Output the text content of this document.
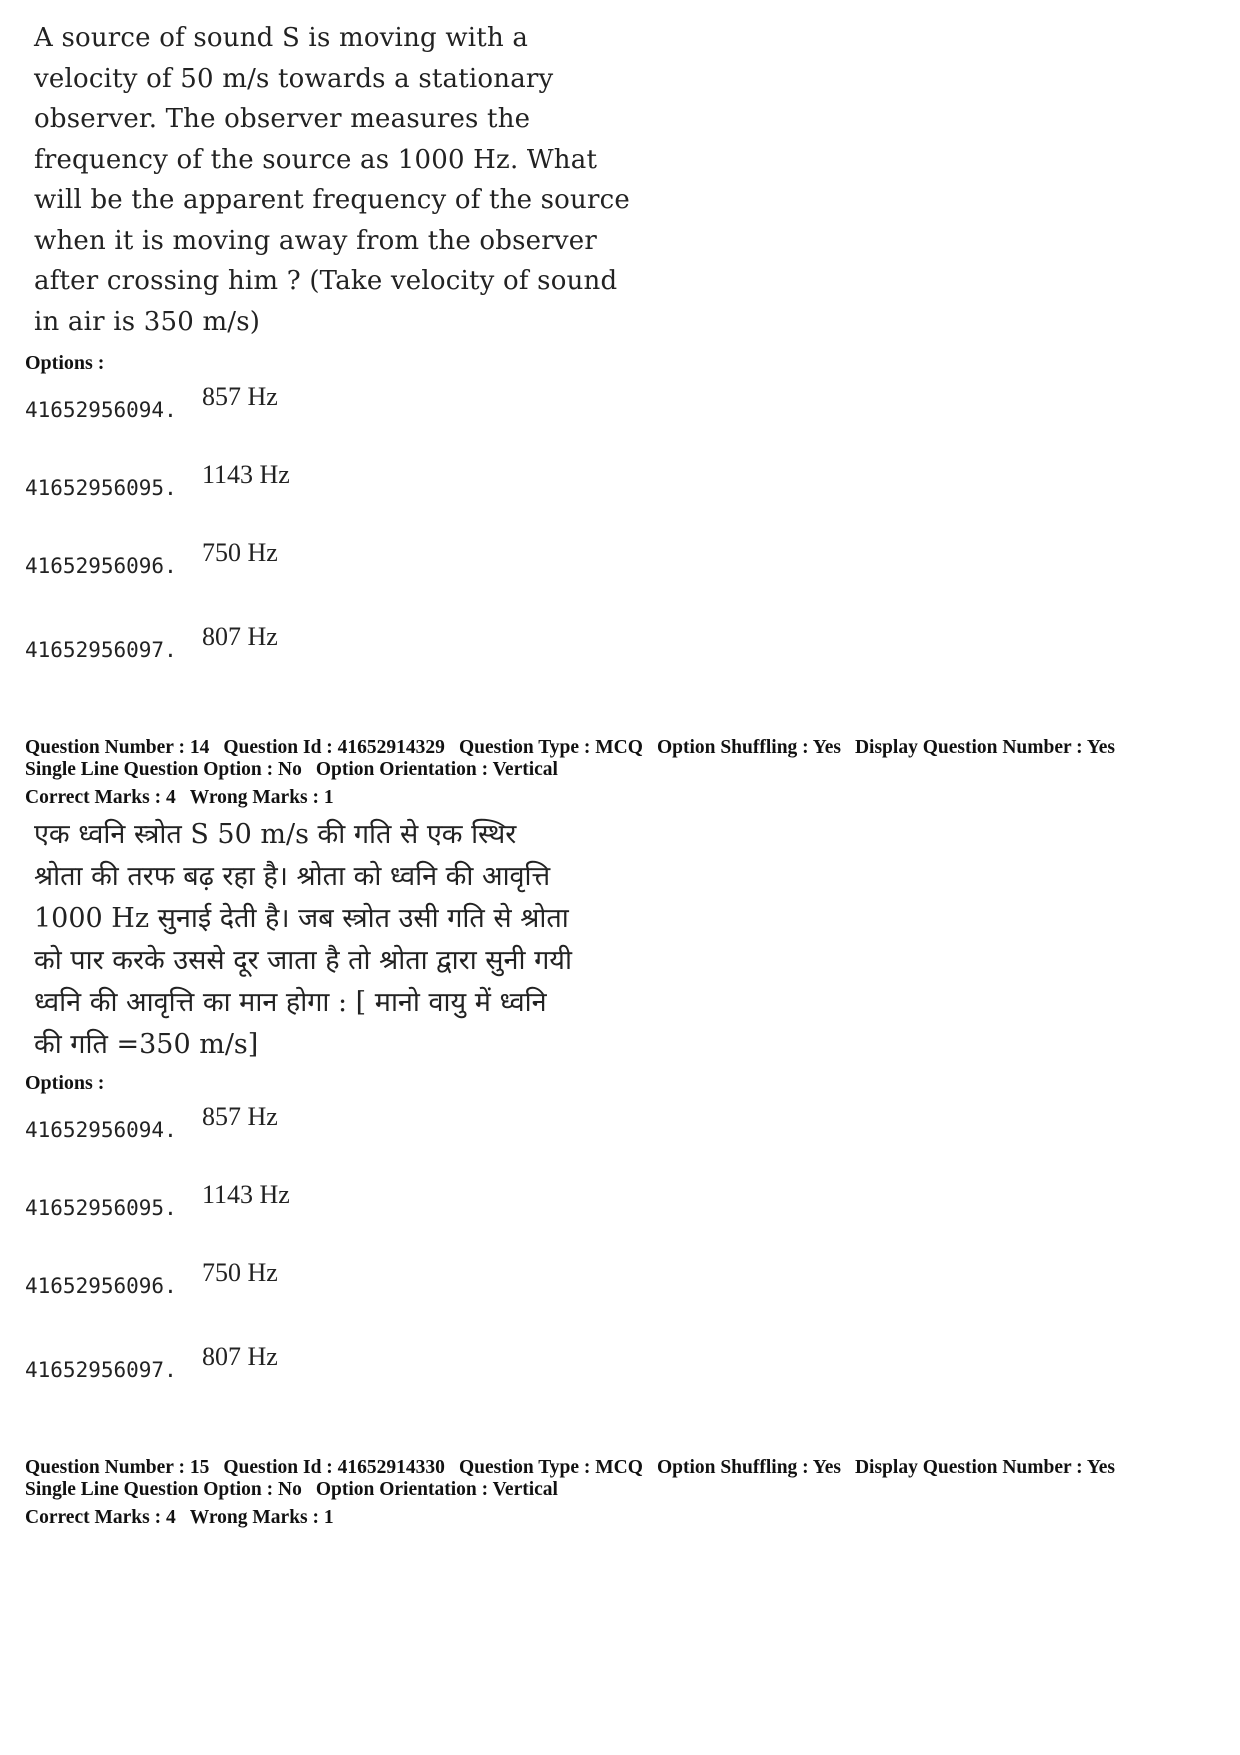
A source of sound S is moving with a

velocity of 50 m/s towards a stationary

observer. The observer measures the

frequency of the source as 1000 Hz. What

will be the apparent frequency of the source

when it is moving away from the observer

after crossing him ? (Take velocity of sound

in air is 350 m/s)

Options :
41652956094. 857 Hz
41652956095. 1143 Hz
41652956096. 750 Hz
41652956097. 807 Hz
Question Number : 14 Question Id : 41652914329 Question Type : MCQ Option Shuffling : Yes Display Question Number : Yes
Single Line Question Option : No Option Orientation : Vertical
Correct Marks : 4 Wrong Marks : 1

एक ध्वनि स्त्रोत S 50 m/s की गति से एक स्थिर

श्रोता की तरफ बढ़ रहा है। श्रोता को ध्वनि की आवृत्ति

1000 Hz सुनाई देती है। जब स्त्रोत उसी गति से श्रोता

को पार करके उससे दूर जाता है तो श्रोता द्वारा सुनी गयी

ध्वनि की आवृत्ति का मान होगा : [ मानो वायु में ध्वनि

की गति =350 m/s]

Options :
41652956094. 857 Hz
41652956095. 1143 Hz
41652956096. 750 Hz
41652956097. 807 Hz
Question Number : 15 Question Id : 41652914330 Question Type : MCQ Option Shuffling : Yes Display Question Number : Yes
Single Line Question Option : No Option Orientation : Vertical
Correct Marks : 4 Wrong Marks : 1
